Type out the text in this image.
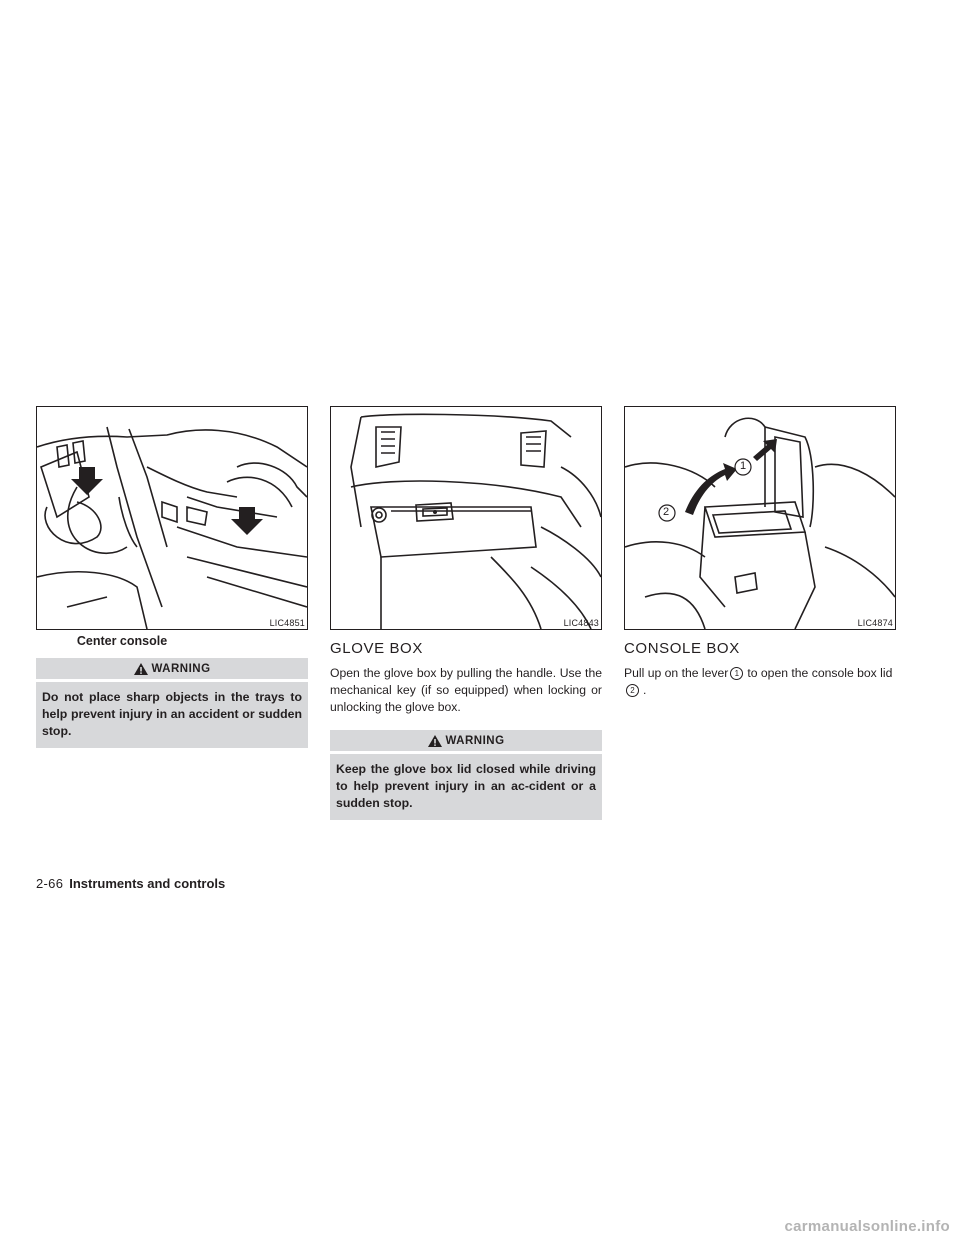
LIC4851
Center console
WARNING
Do not place sharp objects in the trays to help prevent injury in an accident or sudden stop.
LIC4843
GLOVE BOX

Open the glove box by pulling the handle. Use the mechanical key (if so equipped) when locking or unlocking the glove box.

WARNING
Keep the glove box lid closed while driving to help prevent injury in an ac-cident or a sudden stop.
2
1
LIC4874
CONSOLE BOX

Pull up on the lever 1 to open the console box lid2 .

2-66 Instruments and controls
carmanualsonline.info
